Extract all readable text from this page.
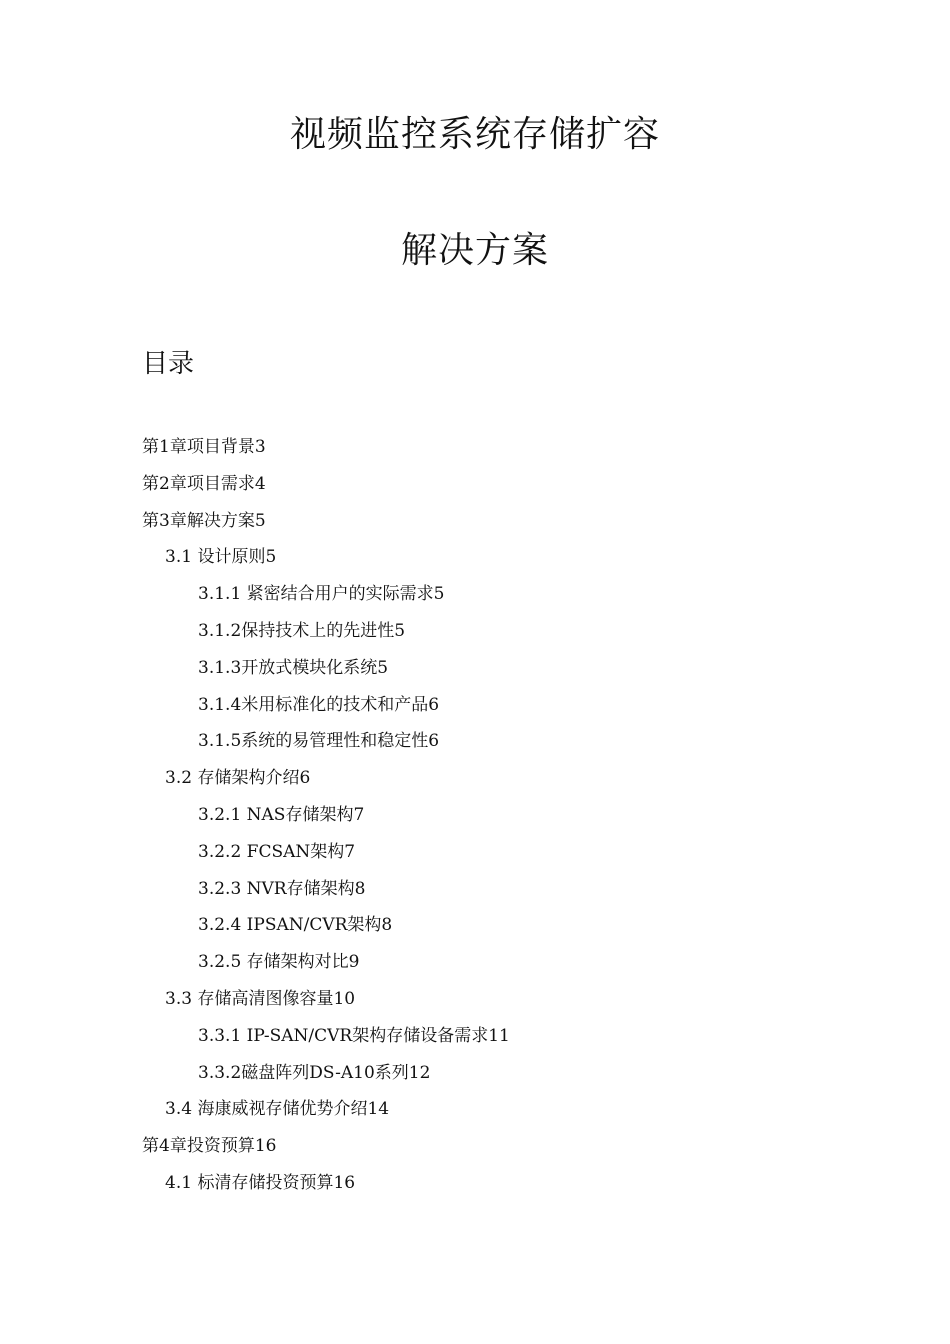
视频监控系统存储扩容
解决方案
目录
第1章项目背景3
第2章项目需求4
第3章解决方案5
3.1 设计原则5
3.1.1 紧密结合用户的实际需求5
3.1.2保持技术上的先进性5
3.1.3开放式模块化系统5
3.1.4米用标准化的技术和产品6
3.1.5系统的易管理性和稳定性6
3.2 存储架构介绍6
3.2.1 NAS存储架构7
3.2.2 FCSAN架构7
3.2.3 NVR存储架构8
3.2.4 IPSAN/CVR架构8
3.2.5 存储架构对比9
3.3 存储高清图像容量10
3.3.1 IP-SAN/CVR架构存储设备需求11
3.3.2磁盘阵列DS-A10系列12
3.4 海康威视存储优势介绍14
第4章投资预算16
4.1 标清存储投资预算16
